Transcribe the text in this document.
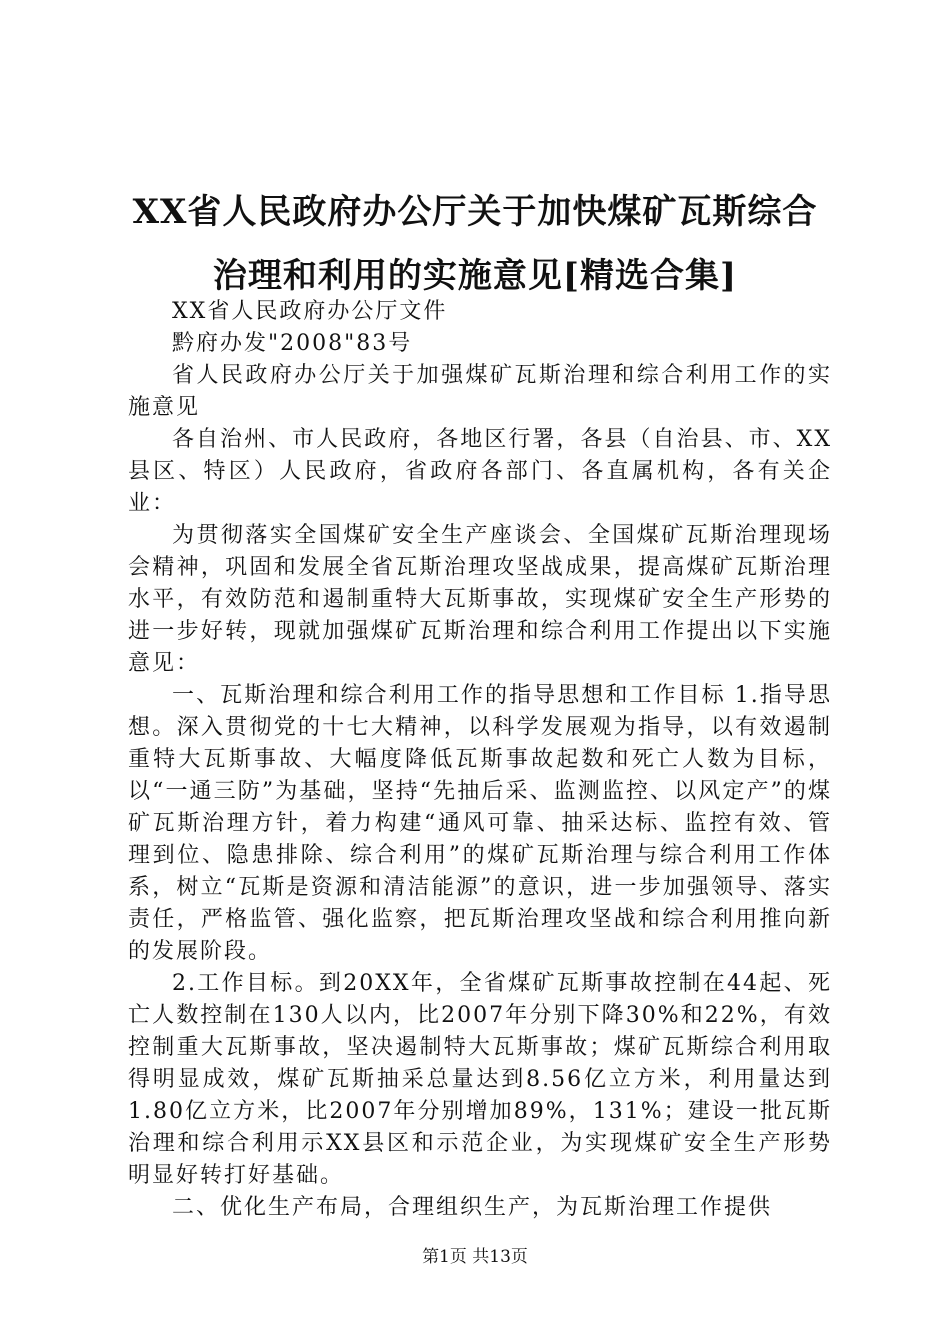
XX省人民政府办公厅关于加快煤矿瓦斯综合
治理和利用的实施意见[精选合集]

XX省人民政府办公厅文件

黔府办发"2008"83号

省人民政府办公厅关于加强煤矿瓦斯治理和综合利用工作的实施意见

各自治州、市人民政府，各地区行署，各县（自治县、市、XX县区、特区）人民政府，省政府各部门、各直属机构，各有关企业：

为贯彻落实全国煤矿安全生产座谈会、全国煤矿瓦斯治理现场会精神，巩固和发展全省瓦斯治理攻坚战成果，提高煤矿瓦斯治理水平，有效防范和遏制重特大瓦斯事故，实现煤矿安全生产形势的进一步好转，现就加强煤矿瓦斯治理和综合利用工作提出以下实施意见：

一、瓦斯治理和综合利用工作的指导思想和工作目标 1.指导思想。深入贯彻党的十七大精神，以科学发展观为指导，以有效遏制重特大瓦斯事故、大幅度降低瓦斯事故起数和死亡人数为目标，以“一通三防”为基础，坚持“先抽后采、监测监控、以风定产”的煤矿瓦斯治理方针，着力构建“通风可靠、抽采达标、监控有效、管理到位、隐患排除、综合利用”的煤矿瓦斯治理与综合利用工作体系，树立“瓦斯是资源和清洁能源”的意识，进一步加强领导、落实责任，严格监管、强化监察，把瓦斯治理攻坚战和综合利用推向新的发展阶段。

2.工作目标。到20XX年，全省煤矿瓦斯事故控制在44起、死亡人数控制在130人以内，比2007年分别下降30%和22%，有效控制重大瓦斯事故，坚决遏制特大瓦斯事故；煤矿瓦斯综合利用取得明显成效，煤矿瓦斯抽采总量达到8.56亿立方米，利用量达到1.80亿立方米，比2007年分别增加89%，131%；建设一批瓦斯治理和综合利用示XX县区和示范企业，为实现煤矿安全生产形势明显好转打好基础。

二、优化生产布局，合理组织生产，为瓦斯治理工作提供

第1页 共13页
